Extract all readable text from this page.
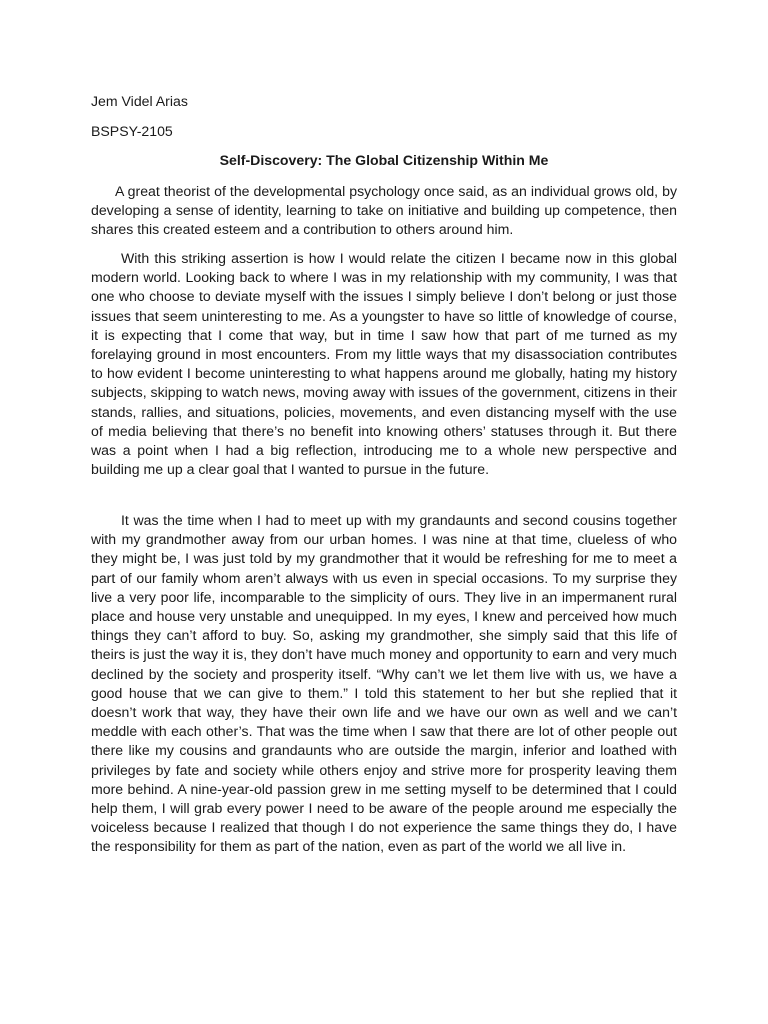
Jem Videl Arias
BSPSY-2105
Self-Discovery: The Global Citizenship Within Me

A great theorist of the developmental psychology once said, as an individual grows old, by developing a sense of identity, learning to take on initiative and building up competence, then shares this created esteem and a contribution to others around him.

With this striking assertion is how I would relate the citizen I became now in this global modern world. Looking back to where I was in my relationship with my community, I was that one who choose to deviate myself with the issues I simply believe I don’t belong or just those issues that seem uninteresting to me. As a youngster to have so little of knowledge of course, it is expecting that I come that way, but in time I saw how that part of me turned as my forelaying ground in most encounters. From my little ways that my disassociation contributes to how evident I become uninteresting to what happens around me globally, hating my history subjects, skipping to watch news, moving away with issues of the government, citizens in their stands, rallies, and situations, policies, movements, and even distancing myself with the use of media believing that there’s no benefit into knowing others’ statuses through it. But there was a point when I had a big reflection, introducing me to a whole new perspective and building me up a clear goal that I wanted to pursue in the future.

It was the time when I had to meet up with my grandaunts and second cousins together with my grandmother away from our urban homes. I was nine at that time, clueless of who they might be, I was just told by my grandmother that it would be refreshing for me to meet a part of our family whom aren’t always with us even in special occasions. To my surprise they live a very poor life, incomparable to the simplicity of ours. They live in an impermanent rural place and house very unstable and unequipped. In my eyes, I knew and perceived how much things they can’t afford to buy. So, asking my grandmother, she simply said that this life of theirs is just the way it is, they don’t have much money and opportunity to earn and very much declined by the society and prosperity itself. “Why can’t we let them live with us, we have a good house that we can give to them.” I told this statement to her but she replied that it doesn’t work that way, they have their own life and we have our own as well and we can’t meddle with each other’s. That was the time when I saw that there are lot of other people out there like my cousins and grandaunts who are outside the margin, inferior and loathed with privileges by fate and society while others enjoy and strive more for prosperity leaving them more behind. A nine-year-old passion grew in me setting myself to be determined that I could help them, I will grab every power I need to be aware of the people around me especially the voiceless because I realized that though I do not experience the same things they do, I have the responsibility for them as part of the nation, even as part of the world we all live in.
